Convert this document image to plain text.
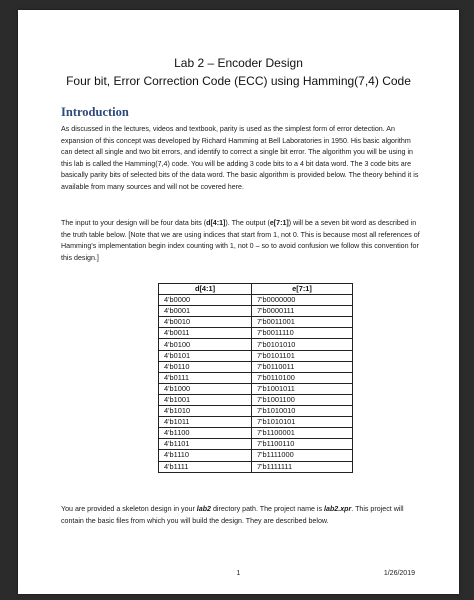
Lab 2 – Encoder Design
Four bit, Error Correction Code (ECC) using Hamming(7,4) Code
Introduction
As discussed in the lectures, videos and textbook, parity is used as the simplest form of error detection. An expansion of this concept was developed by Richard Hamming at Bell Laboratories in 1950. His basic algorithm can detect all single and two bit errors, and identify to correct a single bit error. The algorithm you will be using in this lab is called the Hamming(7,4) code. You will be adding 3 code bits to a 4 bit data word. The 3 code bits are basically parity bits of selected bits of the data word. The basic algorithm is provided below. The theory behind it is available from many sources and will not be covered here.
The input to your design will be four data bits (d[4:1]). The output (e[7:1]) will be a seven bit word as described in the truth table below. [Note that we are using indices that start from 1, not 0. This is because most all references of Hamming's implementation begin index counting with 1, not 0 – so to avoid confusion we follow this convention for this design.]
d[4:1]	e[7:1]
4'b0000	7'b0000000
4'b0001	7'b0000111
4'b0010	7'b0011001
4'b0011	7'b0011110
4'b0100	7'b0101010
4'b0101	7'b0101101
4'b0110	7'b0110011
4'b0111	7'b0110100
4'b1000	7'b1001011
4'b1001	7'b1001100
4'b1010	7'b1010010
4'b1011	7'b1010101
4'b1100	7'b1100001
4'b1101	7'b1100110
4'b1110	7'b1111000
4'b1111	7'b1111111
You are provided a skeleton design in your lab2 directory path. The project name is lab2.xpr. This project will contain the basic files from which you will build the design. They are described below.
1	1/26/2019
